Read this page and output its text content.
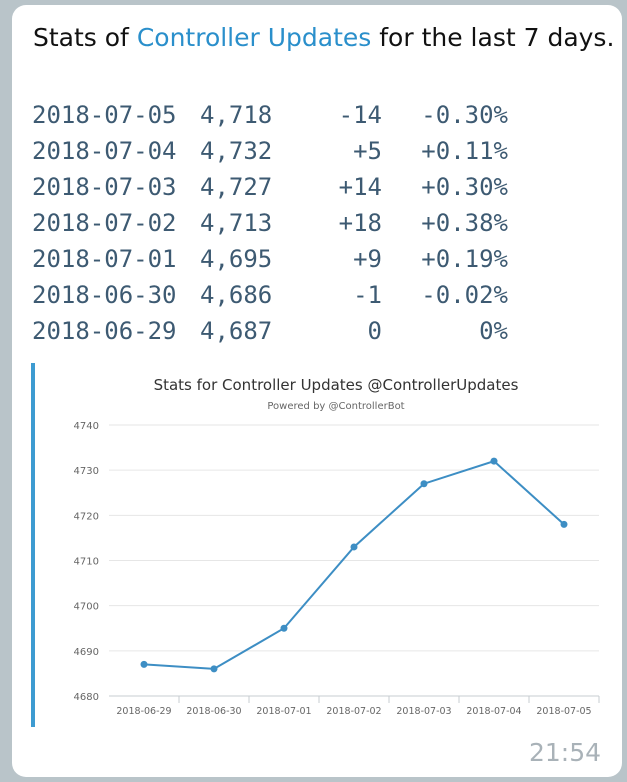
Stats of Controller Updates for the last 7 days.
2018-07-05 4,718	-14	-0.30%
2018-07-04 4,732	+5	+0.11%
2018-07-03 4,727	+14	+0.30%
2018-07-02 4,713	+18	+0.38%
2018-07-01 4,695	+9	+0.19%
2018-06-30 4,686	-1	-0.02%
2018-06-29 4,687	0	0%
Stats for Controller Updates @ControllerUpdates
Powered by @ControllerBot
4680
4690
4700
4710
4720
4730
4740
2018-06-29 2018-06-30 2018-07-01 2018-07-02 2018-07-03 2018-07-04 2018-07-05
21:54
